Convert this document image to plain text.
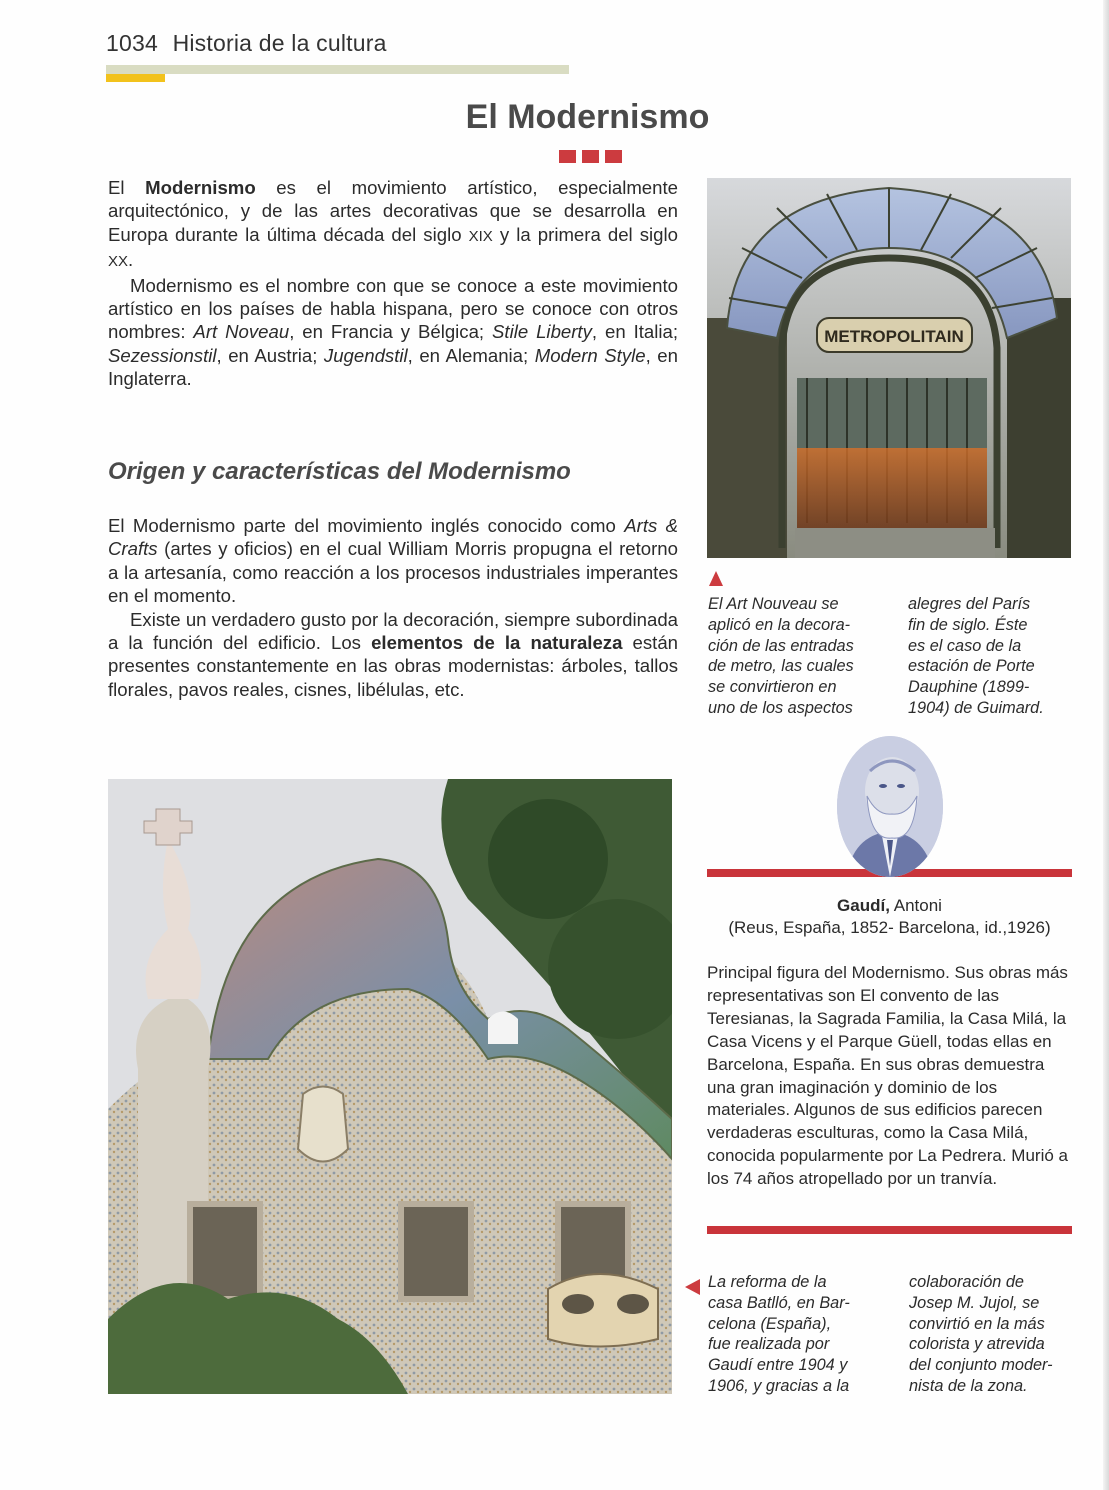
1034 Historia de la cultura
El Modernismo

El Modernismo es el movimiento artístico, especialmente arquitectónico, y de las artes decorativas que se desarrolla en Europa durante la última década del siglo XIX y la primera del siglo XX.

Modernismo es el nombre con que se conoce a este movimiento artístico en los países de habla hispana, pero se conoce con otros nombres: Art Noveau, en Francia y Bélgica; Stile Liberty, en Italia; Sezessionstil, en Austria; Jugendstil, en Alemania; Modern Style, en Inglaterra.

Origen y características del Modernismo

El Modernismo parte del movimiento inglés conocido como Arts & Crafts (artes y oficios) en el cual William Morris propugna el retorno a la artesanía, como reacción a los procesos industriales imperantes en el momento.

Existe un verdadero gusto por la decoración, siempre subordinada a la función del edificio. Los elementos de la naturaleza están presentes constantemente en las obras modernistas: árboles, tallos florales, pavos reales, cisnes, libélulas, etc.

METROPOLITAIN
El Art Nouveau se
aplicó en la decora-
ción de las entradas
de metro, las cuales
se convirtieron en
uno de los aspectos
alegres del París
fin de siglo. Éste
es el caso de la
estación de Porte
Dauphine (1899-
1904) de Guimard.
Gaudí, Antoni
(Reus, España, 1852- Barcelona, id.,1926)
Principal figura del Modernismo. Sus obras más representativas son El convento de las Teresianas, la Sagrada Familia, la Casa Milá, la Casa Vicens y el Parque Güell, todas ellas en Barcelona, España. En sus obras demuestra una gran imaginación y dominio de los materiales. Algunos de sus edificios parecen verdaderas esculturas, como la Casa Milá, conocida popularmente por La Pedrera. Murió a los 74 años atropellado por un tranvía.
La reforma de la
casa Batlló, en Bar-
celona (España),
fue realizada por
Gaudí entre 1904 y
1906, y gracias a la
colaboración de
Josep M. Jujol, se
convirtió en la más
colorista y atrevida
del conjunto moder-
nista de la zona.
